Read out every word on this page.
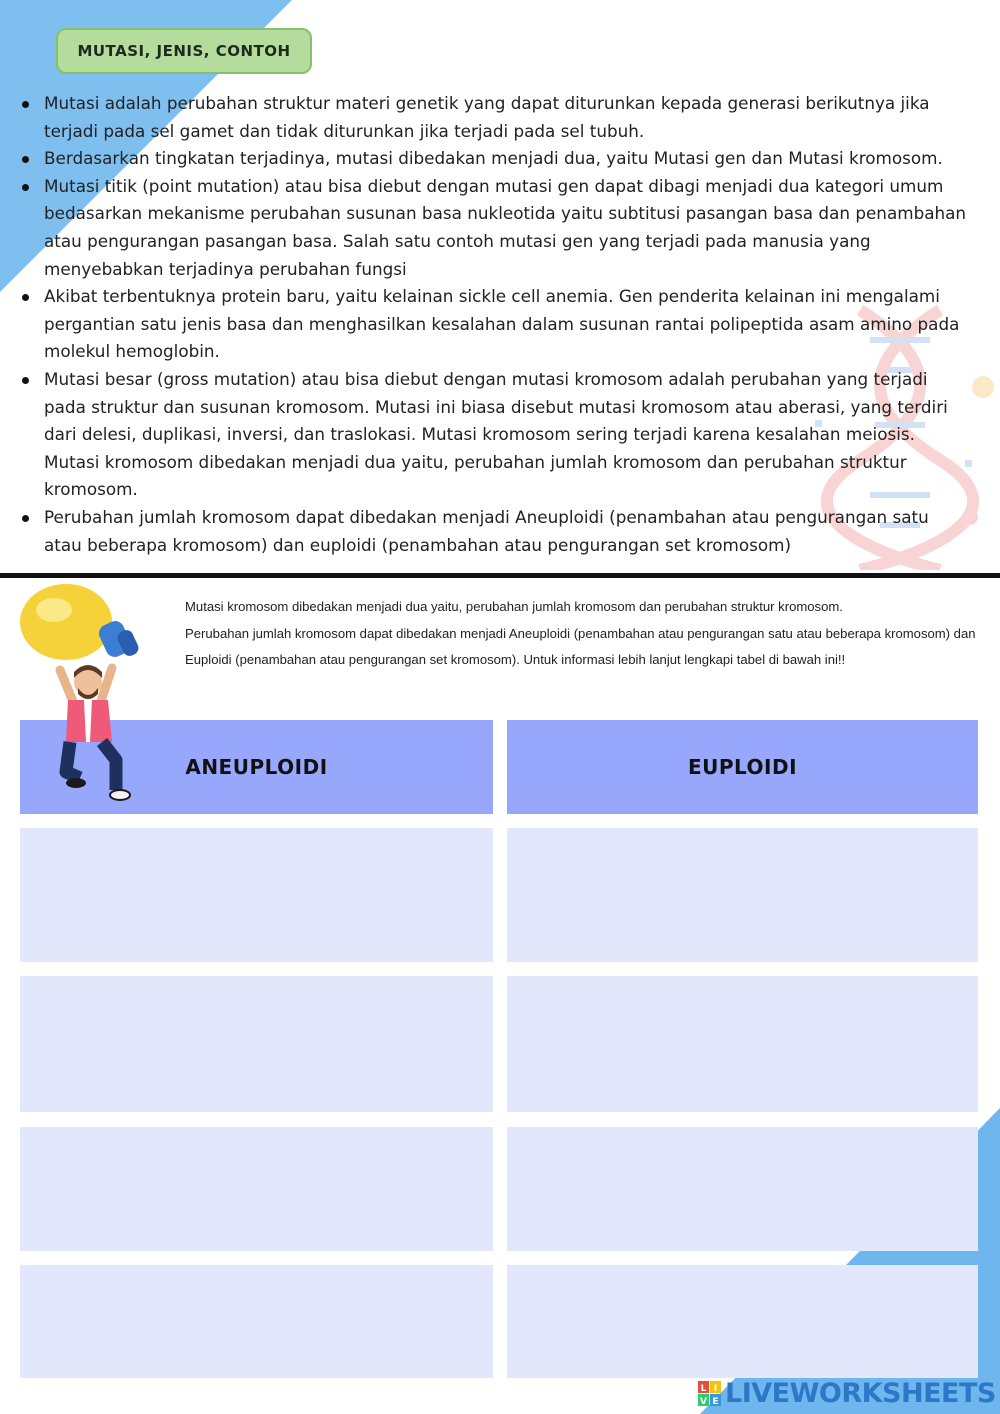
MUTASI, JENIS, CONTOH
Mutasi adalah perubahan struktur materi genetik yang dapat diturunkan kepada generasi berikutnya jika terjadi pada sel gamet dan tidak diturunkan jika terjadi pada sel tubuh.
Berdasarkan tingkatan terjadinya, mutasi dibedakan menjadi dua, yaitu Mutasi gen dan Mutasi kromosom.
Mutasi titik (point mutation) atau bisa diebut dengan mutasi gen dapat dibagi menjadi dua kategori umum bedasarkan mekanisme perubahan susunan basa nukleotida yaitu subtitusi pasangan basa dan penambahan atau pengurangan pasangan basa. Salah satu contoh mutasi gen yang terjadi pada manusia yang menyebabkan terjadinya perubahan fungsi
Akibat terbentuknya protein baru, yaitu kelainan sickle cell anemia. Gen penderita kelainan ini mengalami pergantian satu jenis basa dan menghasilkan kesalahan dalam susunan rantai polipeptida asam amino pada molekul hemoglobin.
Mutasi besar (gross mutation) atau bisa diebut dengan mutasi kromosom adalah perubahan yang terjadi pada struktur dan susunan kromosom. Mutasi ini biasa disebut mutasi kromosom atau aberasi, yang terdiri dari delesi, duplikasi, inversi, dan traslokasi. Mutasi kromosom sering terjadi karena kesalahan meiosis. Mutasi kromosom dibedakan menjadi dua yaitu, perubahan jumlah kromosom dan perubahan struktur kromosom.
Perubahan jumlah kromosom dapat dibedakan menjadi Aneuploidi (penambahan atau pengurangan satu atau beberapa kromosom) dan euploidi (penambahan atau pengurangan set kromosom)
Mutasi kromosom dibedakan menjadi dua yaitu, perubahan jumlah kromosom dan perubahan struktur kromosom.
Perubahan jumlah kromosom dapat dibedakan menjadi Aneuploidi (penambahan atau pengurangan satu atau beberapa kromosom) dan Euploidi (penambahan atau pengurangan set kromosom). Untuk informasi lebih lanjut lengkapi tabel di bawah ini!!
ANEUPLOIDI	EUPLOIDI
L I
V E LIVEWORKSHEETS
